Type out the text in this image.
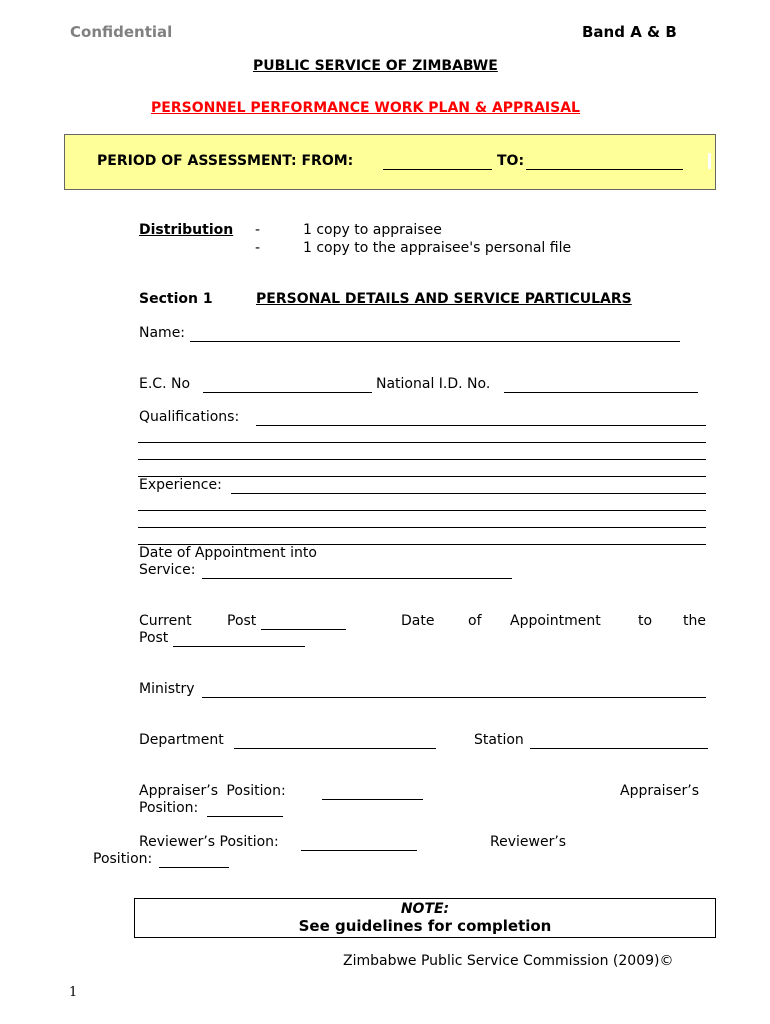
Confidential	Band A & B
PUBLIC SERVICE OF ZIMBABWE
PERSONNEL PERFORMANCE WORK PLAN & APPRAISAL
PERIOD OF ASSESSMENT: FROM:	TO:
Distribution -	1 copy to appraisee
-	1 copy to the appraisee's personal file
Section 1	PERSONAL DETAILS AND SERVICE PARTICULARS
Name:
E.C. No	National I.D. No.
Qualifications:
Experience:
Date of Appointment into
Service:
Current	Post	Date of Appointment	to the
Post
Ministry
Department	Station
Appraiser’s Position:	Appraiser’s
Position:
Reviewer’s Position:	Reviewer’s
Position:
NOTE:
See guidelines for completion
Zimbabwe Public Service Commission (2009)©
1
